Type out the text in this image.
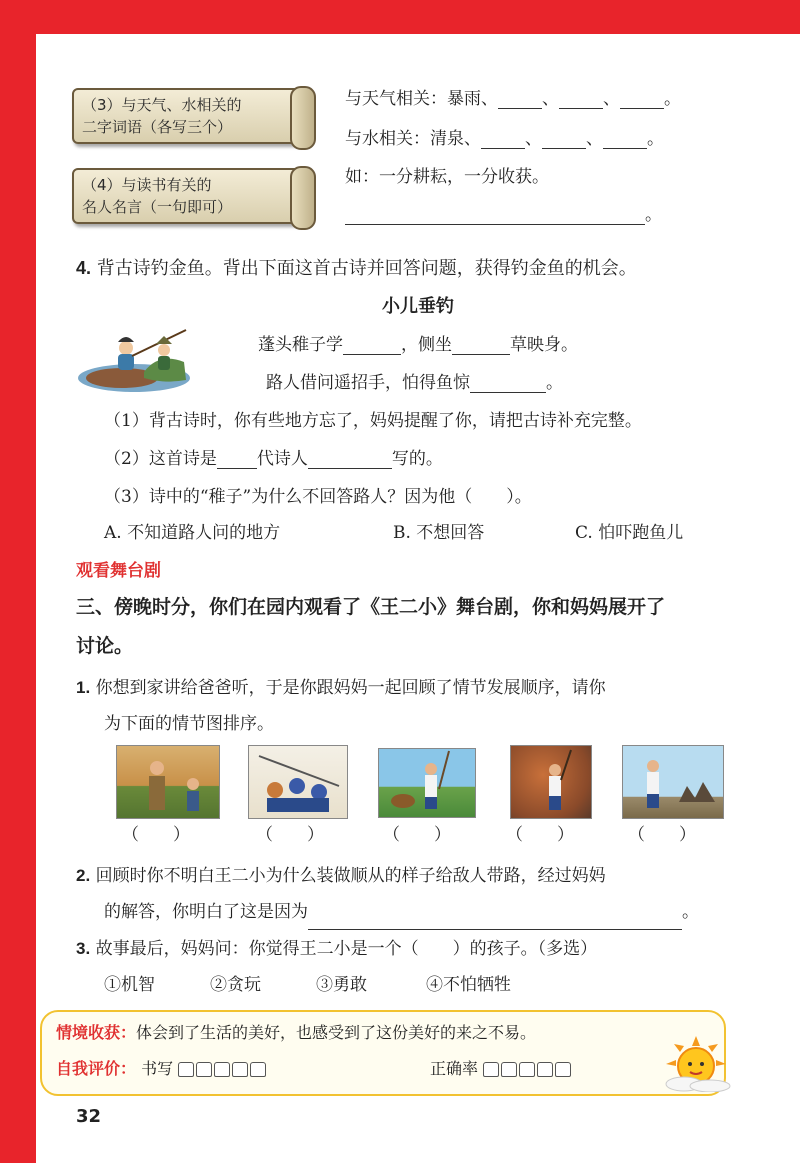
（3）与天气、水相关的
二字词语（各写三个）
（4）与读书有关的
名人名言（一句即可）
与天气相关：暴雨、	、	、	。
与水相关：清泉、	、	、	。
如：一分耕耘，一分收获。
。
4. 背古诗钓金鱼。背出下面这首古诗并回答问题，获得钓金鱼的机会。
小儿垂钓
蓬头稚子学	，侧坐	草映身。
路人借问遥招手，怕得鱼惊	。
（1）背古诗时，你有些地方忘了，妈妈提醒了你，请把古诗补充完整。
（2）这首诗是 代诗人	写的。
（3）诗中的“稚子”为什么不回答路人？因为他（　　）。
A. 不知道路人问的地方	B. 不想回答	C. 怕吓跑鱼儿
观看舞台剧
三、傍晚时分，你们在园内观看了《王二小》舞台剧，你和妈妈展开了
讨论。
1. 你想到家讲给爸爸听，于是你跟妈妈一起回顾了情节发展顺序，请你
为下面的情节图排序。
（　　）	（　　）	（　　）	（　　）	（　　）
2. 回顾时你不明白王二小为什么装做顺从的样子给敌人带路，经过妈妈
的解答，你明白了这是因为	。
3. 故事最后，妈妈问：你觉得王二小是一个（　　）的孩子。（多选）
①机智	②贪玩	③勇敢	④不怕牺牲
情境收获：体会到了生活的美好，也感受到了这份美好的来之不易。
自我评价： 书写	正确率
32
